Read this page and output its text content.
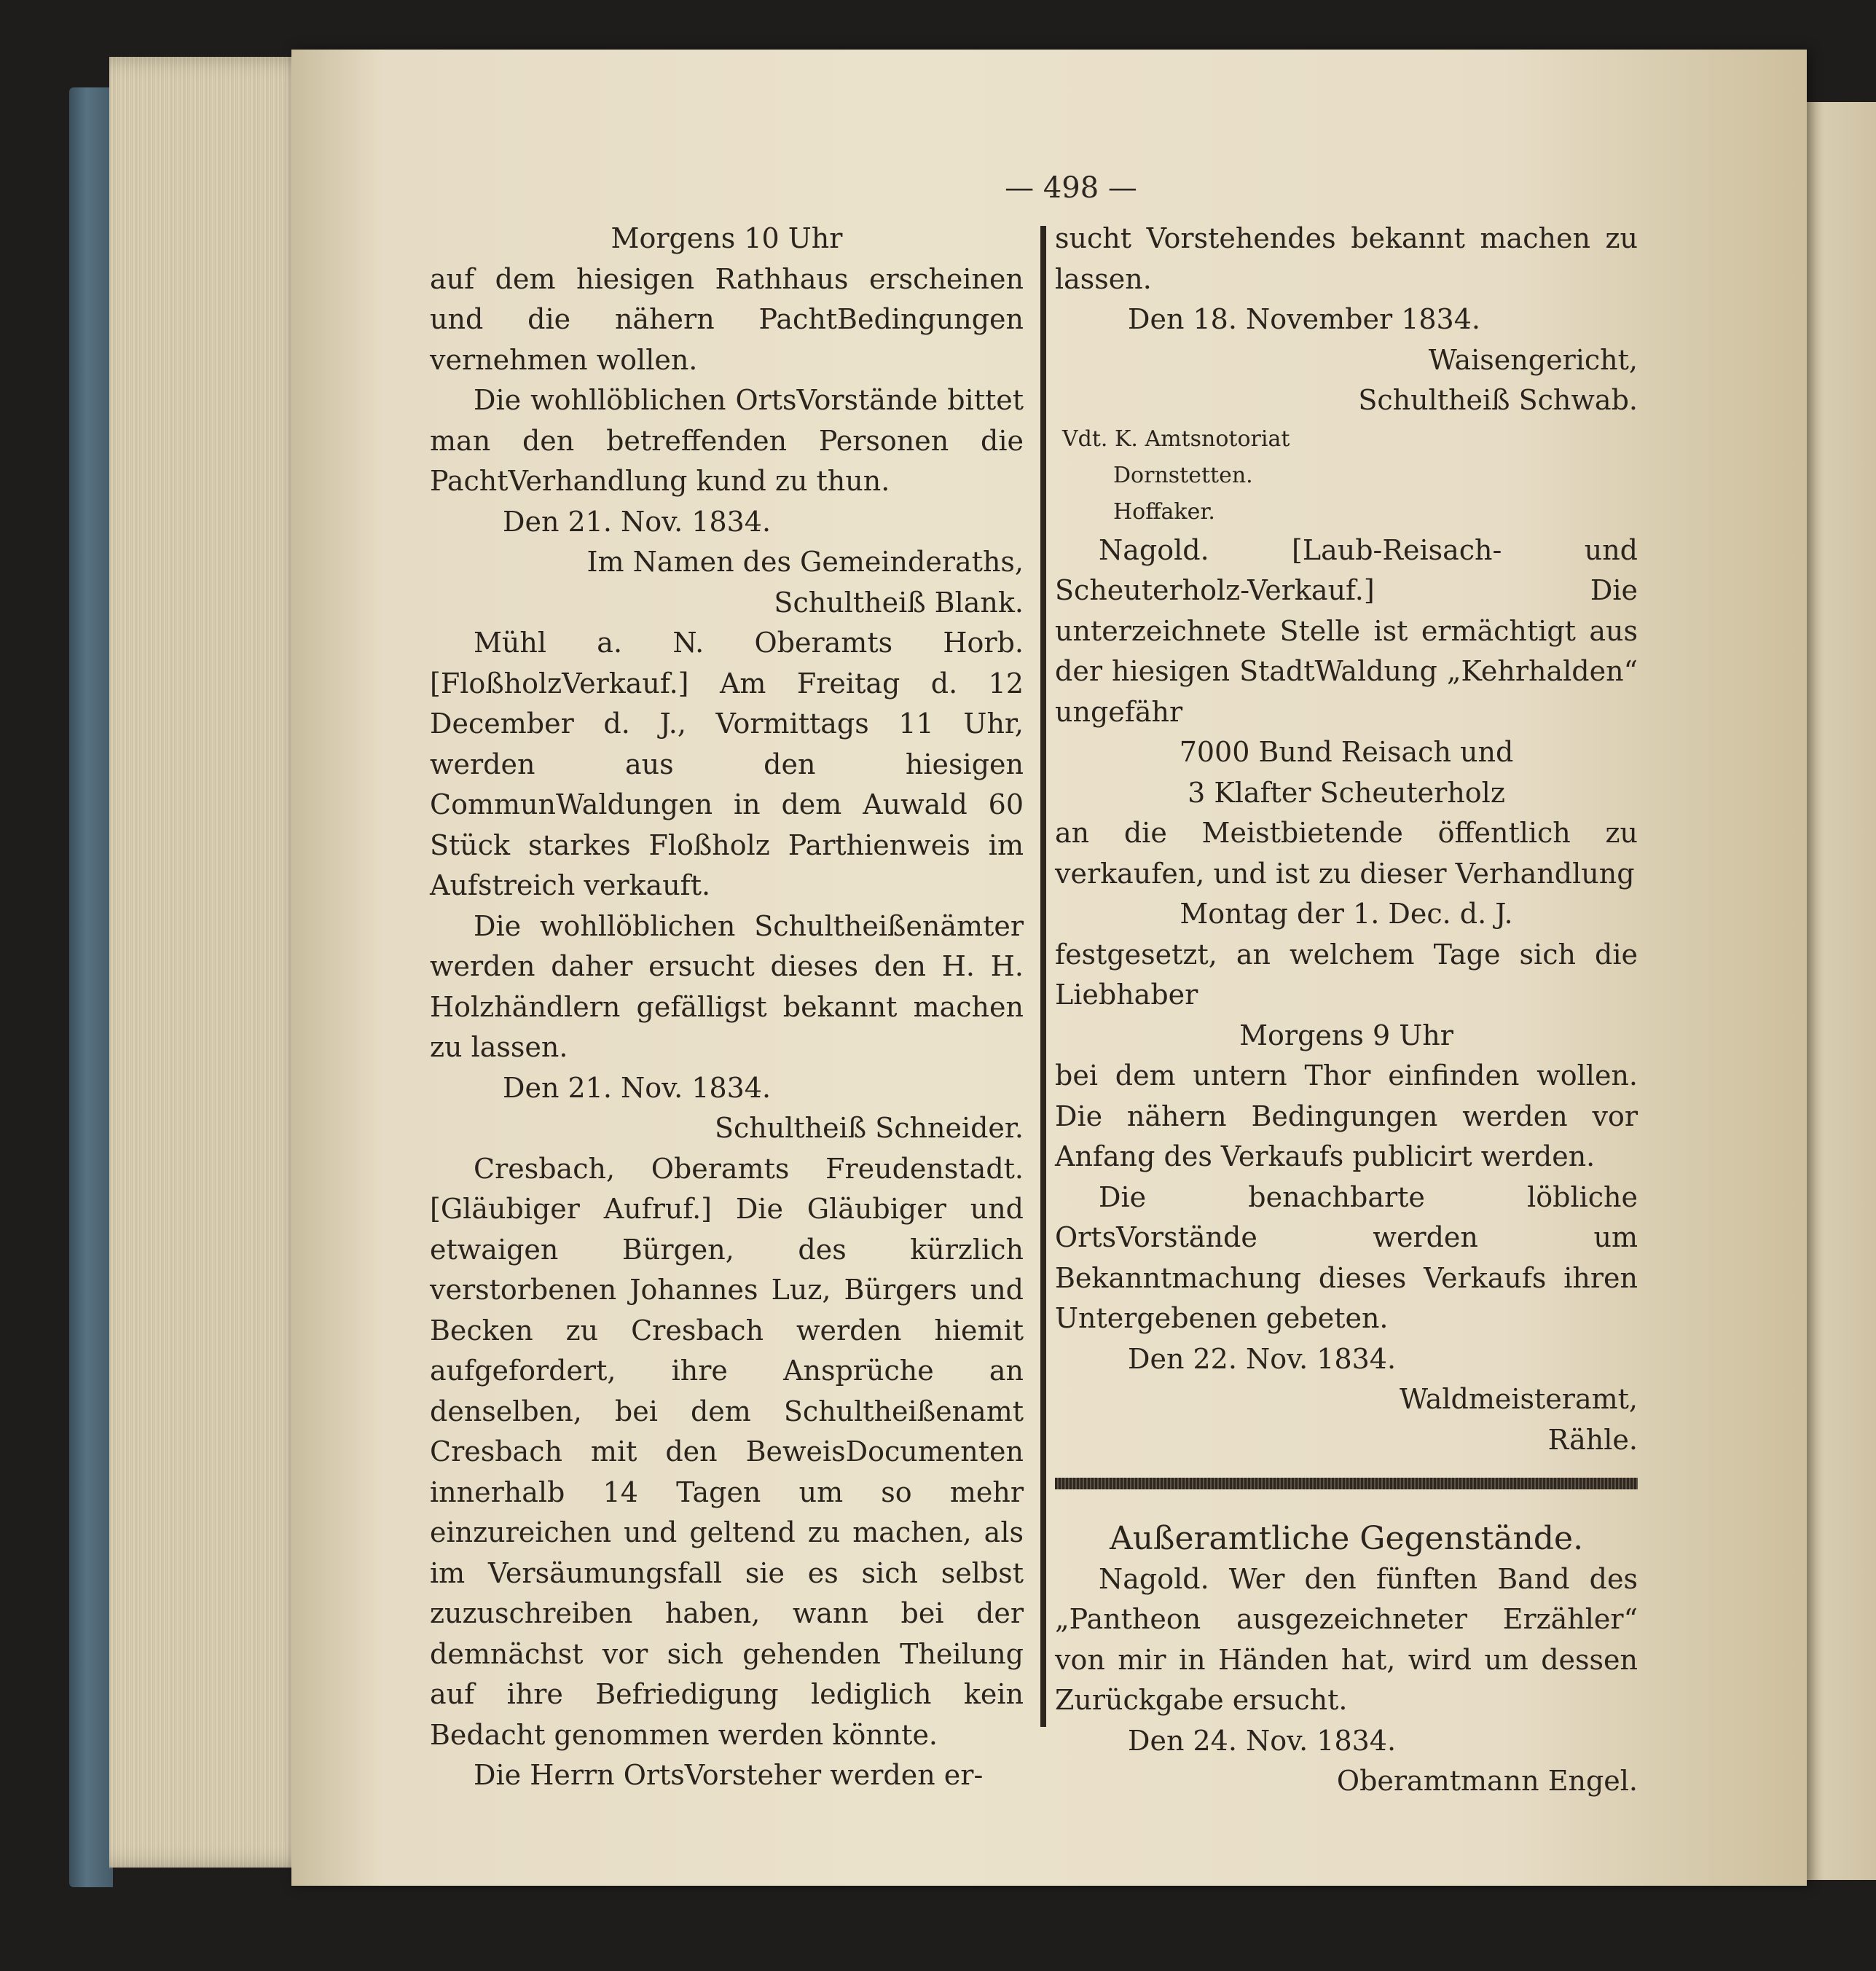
— 498 —

Morgens 10 Uhr

auf dem hiesigen Rathhaus erscheinen und die nähern PachtBedingungen vernehmen wollen.

Die wohllöblichen OrtsVorstände bittet man den betreffenden Personen die PachtVerhandlung kund zu thun.

Den 21. Nov. 1834.

Im Namen des Gemeinderaths,

Schultheiß Blank.

Mühl a. N. Oberamts Horb. [FloßholzVerkauf.] Am Freitag d. 12 December d. J., Vormittags 11 Uhr, werden aus den hiesigen CommunWaldungen in dem Auwald 60 Stück starkes Floßholz Parthienweis im Aufstreich verkauft.

Die wohllöblichen Schultheißenämter werden daher ersucht dieses den H. H. Holzhändlern gefälligst bekannt machen zu lassen.

Den 21. Nov. 1834.

Schultheiß Schneider.

Cresbach, Oberamts Freudenstadt. [Gläubiger Aufruf.] Die Gläubiger und etwaigen Bürgen, des kürzlich verstorbenen Johannes Luz, Bürgers und Becken zu Cresbach werden hiemit aufgefordert, ihre Ansprüche an denselben, bei dem Schultheißenamt Cresbach mit den BeweisDocumenten innerhalb 14 Tagen um so mehr einzureichen und geltend zu machen, als im Versäumungsfall sie es sich selbst zuzuschreiben haben, wann bei der demnächst vor sich gehenden Theilung auf ihre Befriedigung lediglich kein Bedacht genommen werden könnte.

Die Herrn OrtsVorsteher werden er-

sucht Vorstehendes bekannt machen zu lassen.

Den 18. November 1834.

Waisengericht,

Schultheiß Schwab.

Vdt. K. Amtsnotoriat

Dornstetten.

Hoffaker.

Nagold. [Laub-Reisach- und Scheuterholz-Verkauf.] Die unterzeichnete Stelle ist ermächtigt aus der hiesigen StadtWaldung „Kehrhalden“ ungefähr

7000 Bund Reisach und

3 Klafter Scheuterholz

an die Meistbietende öffentlich zu verkaufen, und ist zu dieser Verhandlung

Montag der 1. Dec. d. J.

festgesetzt, an welchem Tage sich die Liebhaber

Morgens 9 Uhr

bei dem untern Thor einfinden wollen. Die nähern Bedingungen werden vor Anfang des Verkaufs publicirt werden.

Die benachbarte löbliche OrtsVorstände werden um Bekanntmachung dieses Verkaufs ihren Untergebenen gebeten.

Den 22. Nov. 1834.

Waldmeisteramt,

Rähle.

Außeramtliche Gegenstände.

Nagold. Wer den fünften Band des „Pantheon ausgezeichneter Erzähler“ von mir in Händen hat, wird um dessen Zurückgabe ersucht.

Den 24. Nov. 1834.

Oberamtmann Engel.
